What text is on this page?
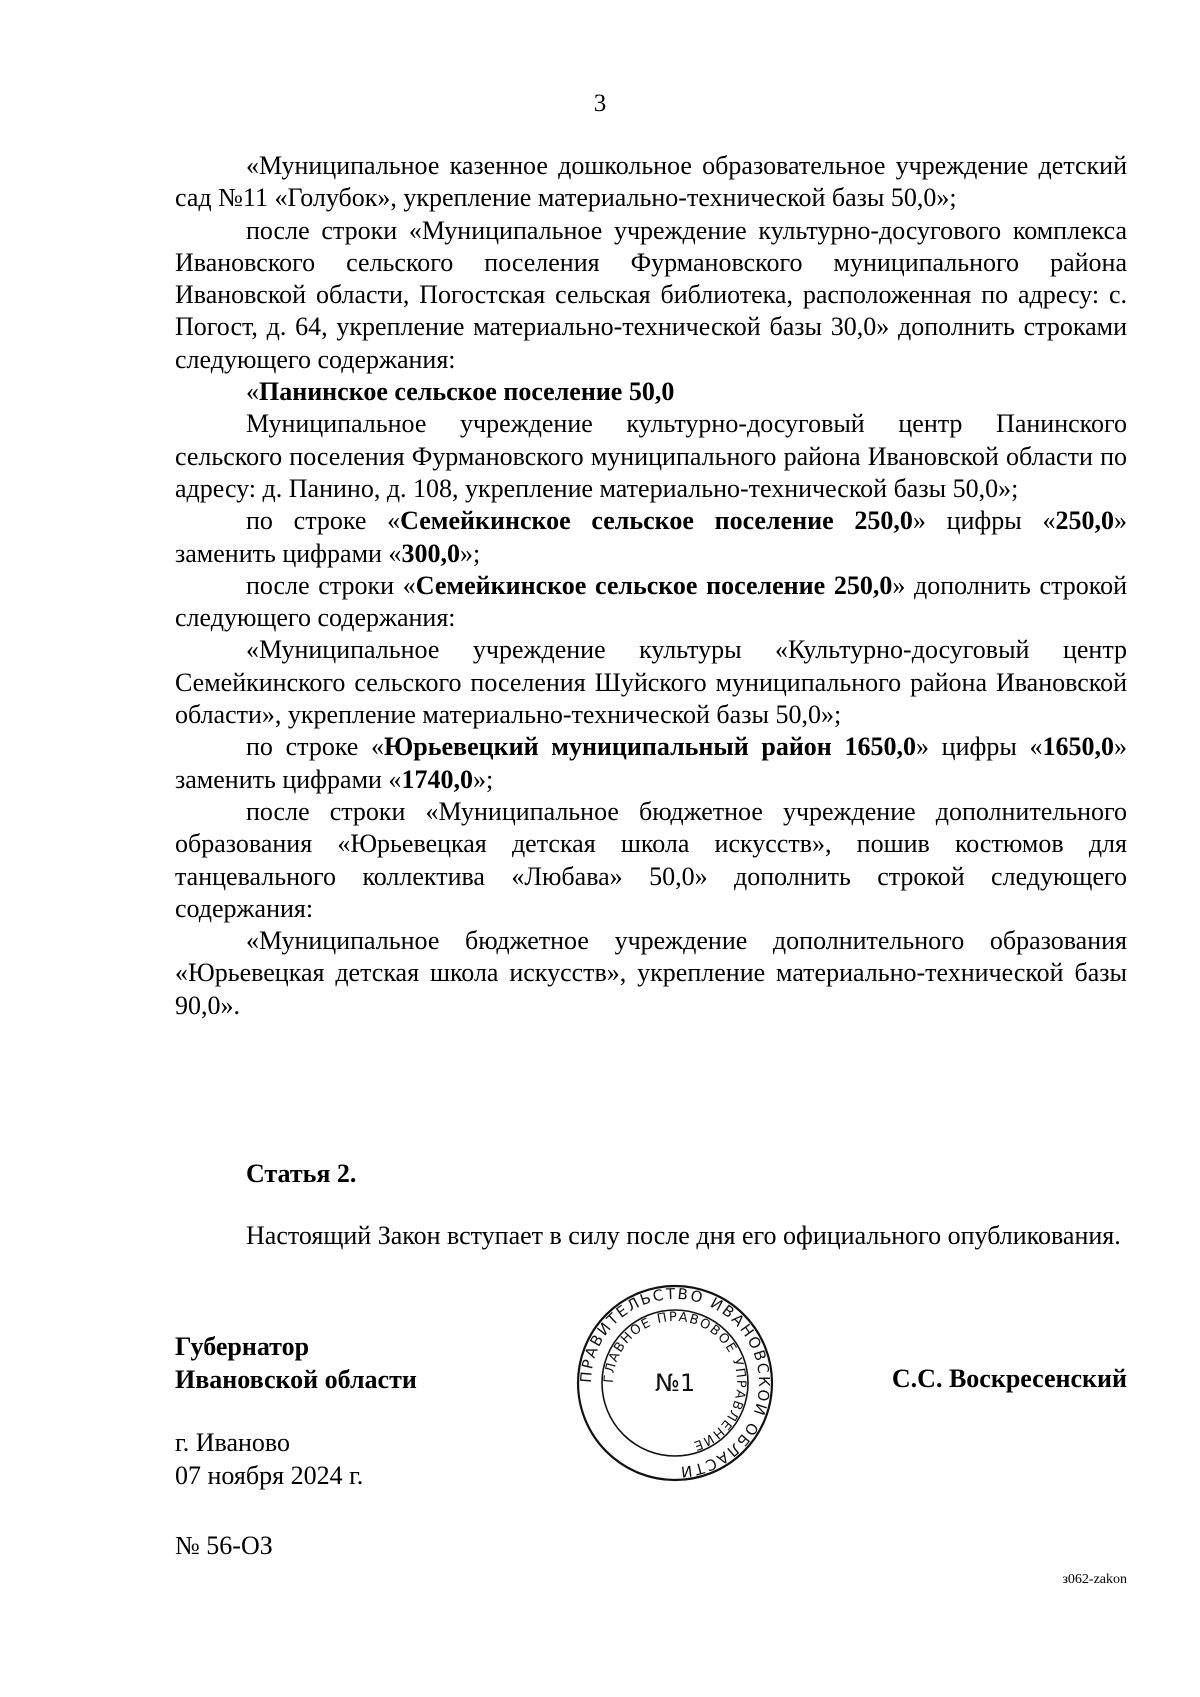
3

«Муниципальное казенное дошкольное образовательное учреждение детский сад №11 «Голубок», укрепление материально-технической базы 50,0»;

после строки «Муниципальное учреждение культурно-досугового комплекса Ивановского сельского поселения Фурмановского муниципального района Ивановской области, Погостская сельская библиотека, расположенная по адресу: с. Погост, д. 64, укрепление материально-технической базы 30,0» дополнить строками следующего содержания:

«Панинское сельское поселение 50,0

Муниципальное учреждение культурно-досуговый центр Панинского сельского поселения Фурмановского муниципального района Ивановской области по адресу: д. Панино, д. 108, укрепление материально-технической базы 50,0»;

по строке «Семейкинское сельское поселение 250,0» цифры «250,0» заменить цифрами «300,0»;

после строки «Семейкинское сельское поселение 250,0» дополнить строкой следующего содержания:

«Муниципальное учреждение культуры «Культурно-досуговый центр Семейкинского сельского поселения Шуйского муниципального района Ивановской области», укрепление материально-технической базы 50,0»;

по строке «Юрьевецкий муниципальный район 1650,0» цифры «1650,0» заменить цифрами «1740,0»;

после строки «Муниципальное бюджетное учреждение дополнительного образования «Юрьевецкая детская школа искусств», пошив костюмов для танцевального коллектива «Любава» 50,0» дополнить строкой следующего содержания:

«Муниципальное бюджетное учреждение дополнительного образования «Юрьевецкая детская школа искусств», укрепление материально-технической базы 90,0».

Статья 2.

Настоящий Закон вступает в силу после дня его официального опубликования.

Губернатор
Ивановской области	ПРАВИТЕЛЬСТВО ИВАНОВСКОЙ ОБЛАСТИ
ГЛАВНОЕ ПРАВОВОЕ УПРАВЛЕНИЕ
№1	С.С. Воскресенский
г. Иваново
07 ноября 2024 г.
№ 56-ОЗ
з062-zakon
